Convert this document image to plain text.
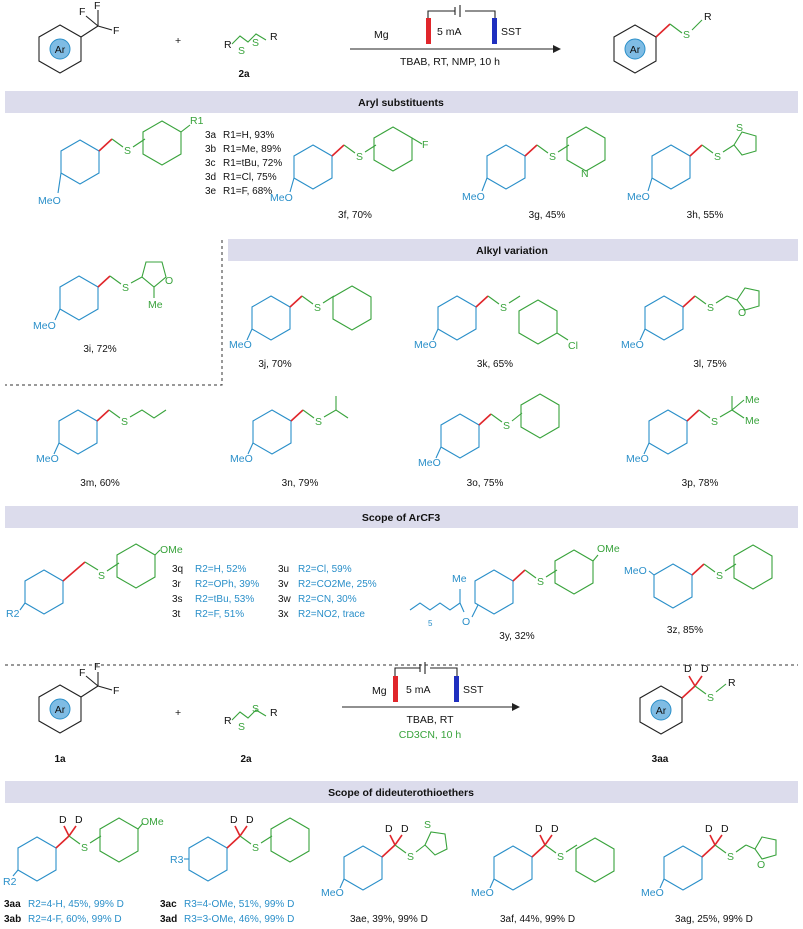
Ar
F
F
F
+	R S
S R
2a
Mg	5 mA	SST
TBAB, RT, NMP, 10 h
Ar
S
R
Aryl substituents
Alkyl variation
Scope of ArCF3
Scope of dideuterothioethers
MeO
S
R1
3a R1=H, 93%
3b R1=Me, 89%
3c R1=tBu, 72%
3d R1=Cl, 75%
3e R1=F, 68%
MeO
S
F
3f, 70%
MeO
S
N
3g, 45%
MeO
S
S
3h, 55%
MeO
S
O
Me
3i, 72%	MeO
S
3j, 70%
MeO
S
Cl
3k, 65%
MeO
S O
3l, 75%
MeO
S
3m, 60%
MeO
S
3n, 79%
MeO
S
3o, 75%
MeO
S
Me
Me
3p, 78%
R2
S
OMe
3q R2=H, 52%
3r R2=OPh, 39%
3s R2=tBu, 53%
3t R2=F, 51%
3u R2=Cl, 59%
3v R2=CO2Me, 25%
3w R2=CN, 30%
3x R2=NO2, trace
5
Me
O
S
OMe
3y, 32%
MeO	S
3z, 85%
Ar
F
F
F
1a
+
R S
S R
2a
Mg 5 mA	SST
TBAB, RT
CD3CN, 10 h
Ar
D D
S
R
3aa
R2
D D
S
OMe
3aa R2=4-H, 45%, 99% D
3ab R2=4-F, 60%, 99% D
R3
D D
S
3ac R3=4-OMe, 51%, 99% D
3ad R3=3-OMe, 46%, 99% D
MeO
D D
S
S
3ae, 39%, 99% D
MeO
D D
S
3af, 44%, 99% D
MeO
D D
S
O
3ag, 25%, 99% D
